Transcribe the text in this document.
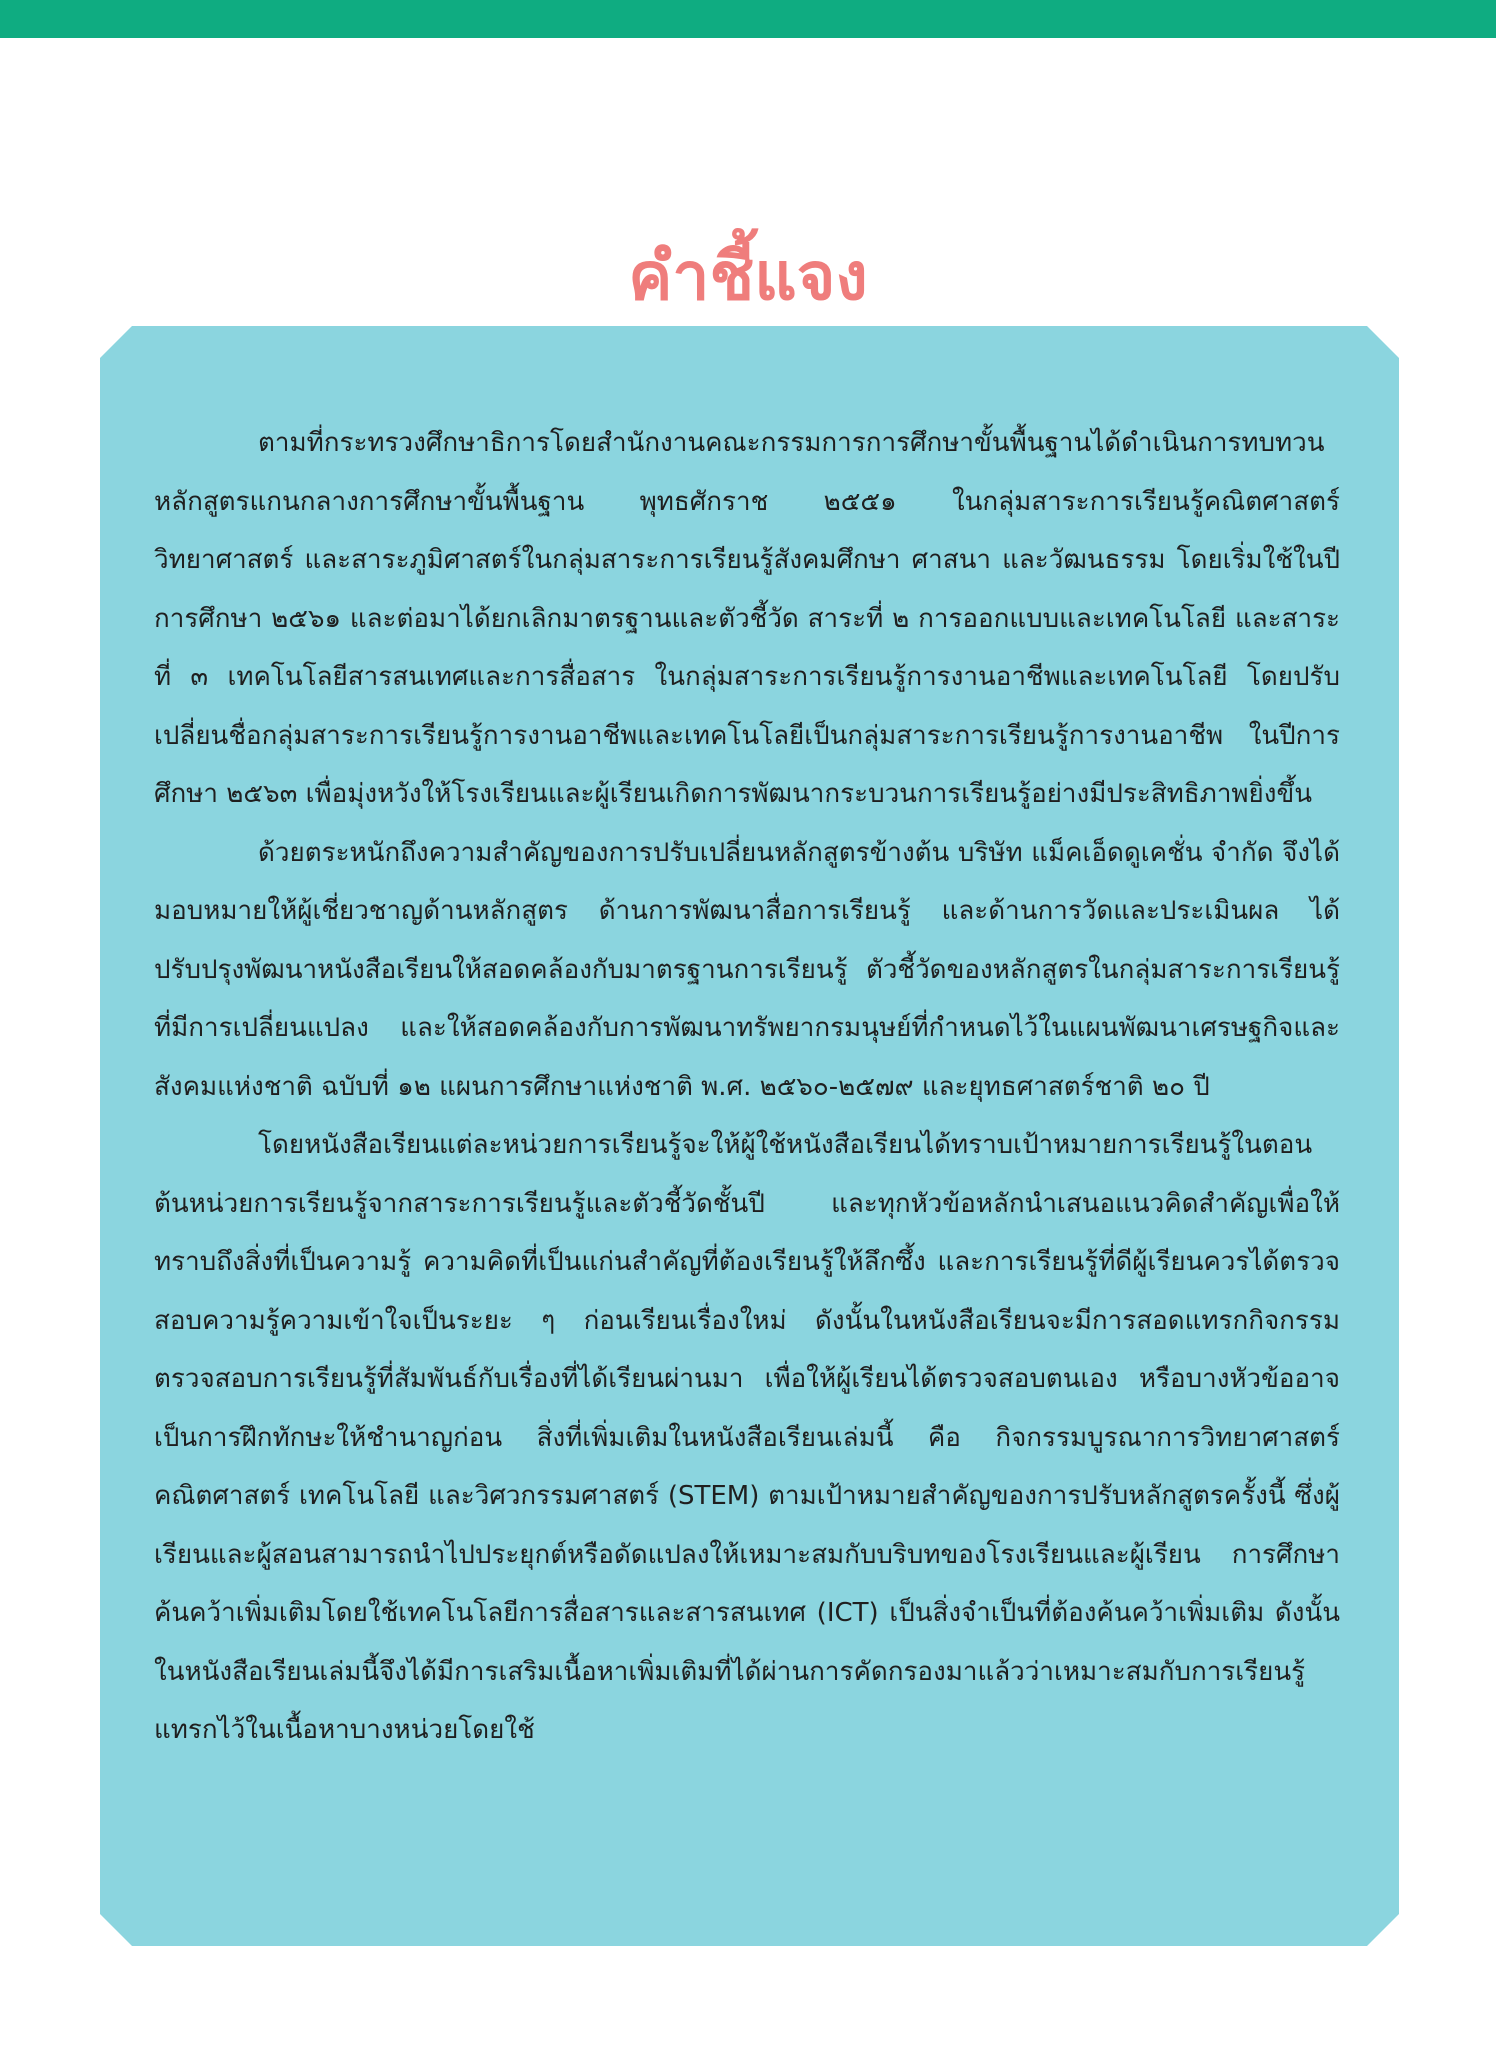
คำชี้แจง

ตามที่กระทรวงศึกษาธิการโดยสำนักงานคณะกรรมการการศึกษาขั้นพื้นฐานได้ดำเนินการทบทวนหลักสูตรแกนกลางการศึกษาขั้นพื้นฐาน พุทธศักราช ๒๕๕๑ ในกลุ่มสาระการเรียนรู้คณิตศาสตร์ วิทยาศาสตร์ และสาระภูมิศาสตร์ในกลุ่มสาระการเรียนรู้สังคมศึกษา ศาสนา และวัฒนธรรม โดยเริ่มใช้ในปีการศึกษา ๒๕๖๑ และต่อมาได้ยกเลิกมาตรฐานและตัวชี้วัด สาระที่ ๒ การออกแบบและเทคโนโลยี และสาระที่ ๓ เทคโนโลยีสารสนเทศและการสื่อสาร ในกลุ่มสาระการเรียนรู้การงานอาชีพและเทคโนโลยี โดยปรับเปลี่ยนชื่อกลุ่มสาระการเรียนรู้การงานอาชีพและเทคโนโลยีเป็นกลุ่มสาระการเรียนรู้การงานอาชีพ ในปีการศึกษา ๒๕๖๓ เพื่อมุ่งหวังให้โรงเรียนและผู้เรียนเกิดการพัฒนากระบวนการเรียนรู้อย่างมีประสิทธิภาพยิ่งขึ้น

ด้วยตระหนักถึงความสำคัญของการปรับเปลี่ยนหลักสูตรข้างต้น บริษัท แม็คเอ็ดดูเคชั่น จำกัด จึงได้มอบหมายให้ผู้เชี่ยวชาญด้านหลักสูตร ด้านการพัฒนาสื่อการเรียนรู้ และด้านการวัดและประเมินผล ได้ปรับปรุงพัฒนาหนังสือเรียนให้สอดคล้องกับมาตรฐานการเรียนรู้ ตัวชี้วัดของหลักสูตรในกลุ่มสาระการเรียนรู้ที่มีการเปลี่ยนแปลง และให้สอดคล้องกับการพัฒนาทรัพยากรมนุษย์ที่กำหนดไว้ในแผนพัฒนาเศรษฐกิจและสังคมแห่งชาติ ฉบับที่ ๑๒ แผนการศึกษาแห่งชาติ พ.ศ. ๒๕๖๐-๒๕๗๙ และยุทธศาสตร์ชาติ ๒๐ ปี

โดยหนังสือเรียนแต่ละหน่วยการเรียนรู้จะให้ผู้ใช้หนังสือเรียนได้ทราบเป้าหมายการเรียนรู้ในตอนต้นหน่วยการเรียนรู้จากสาระการเรียนรู้และตัวชี้วัดชั้นปี และทุกหัวข้อหลักนำเสนอแนวคิดสำคัญเพื่อให้ทราบถึงสิ่งที่เป็นความรู้ ความคิดที่เป็นแก่นสำคัญที่ต้องเรียนรู้ให้ลึกซึ้ง และการเรียนรู้ที่ดีผู้เรียนควรได้ตรวจสอบความรู้ความเข้าใจเป็นระยะ ๆ ก่อนเรียนเรื่องใหม่ ดังนั้นในหนังสือเรียนจะมีการสอดแทรกกิจกรรมตรวจสอบการเรียนรู้ที่สัมพันธ์กับเรื่องที่ได้เรียนผ่านมา เพื่อให้ผู้เรียนได้ตรวจสอบตนเอง หรือบางหัวข้ออาจเป็นการฝึกทักษะให้ชำนาญก่อน สิ่งที่เพิ่มเติมในหนังสือเรียนเล่มนี้ คือ กิจกรรมบูรณาการวิทยาศาสตร์ คณิตศาสตร์ เทคโนโลยี และวิศวกรรมศาสตร์ (STEM) ตามเป้าหมายสำคัญของการปรับหลักสูตรครั้งนี้ ซึ่งผู้เรียนและผู้สอนสามารถนำไปประยุกต์หรือดัดแปลงให้เหมาะสมกับบริบทของโรงเรียนและผู้เรียน การศึกษาค้นคว้าเพิ่มเติมโดยใช้เทคโนโลยีการสื่อสารและสารสนเทศ (ICT) เป็นสิ่งจำเป็นที่ต้องค้นคว้าเพิ่มเติม ดังนั้นในหนังสือเรียนเล่มนี้จึงได้มีการเสริมเนื้อหาเพิ่มเติมที่ได้ผ่านการคัดกรองมาแล้วว่าเหมาะสมกับการเรียนรู้ แทรกไว้ในเนื้อหาบางหน่วยโดยใช้
